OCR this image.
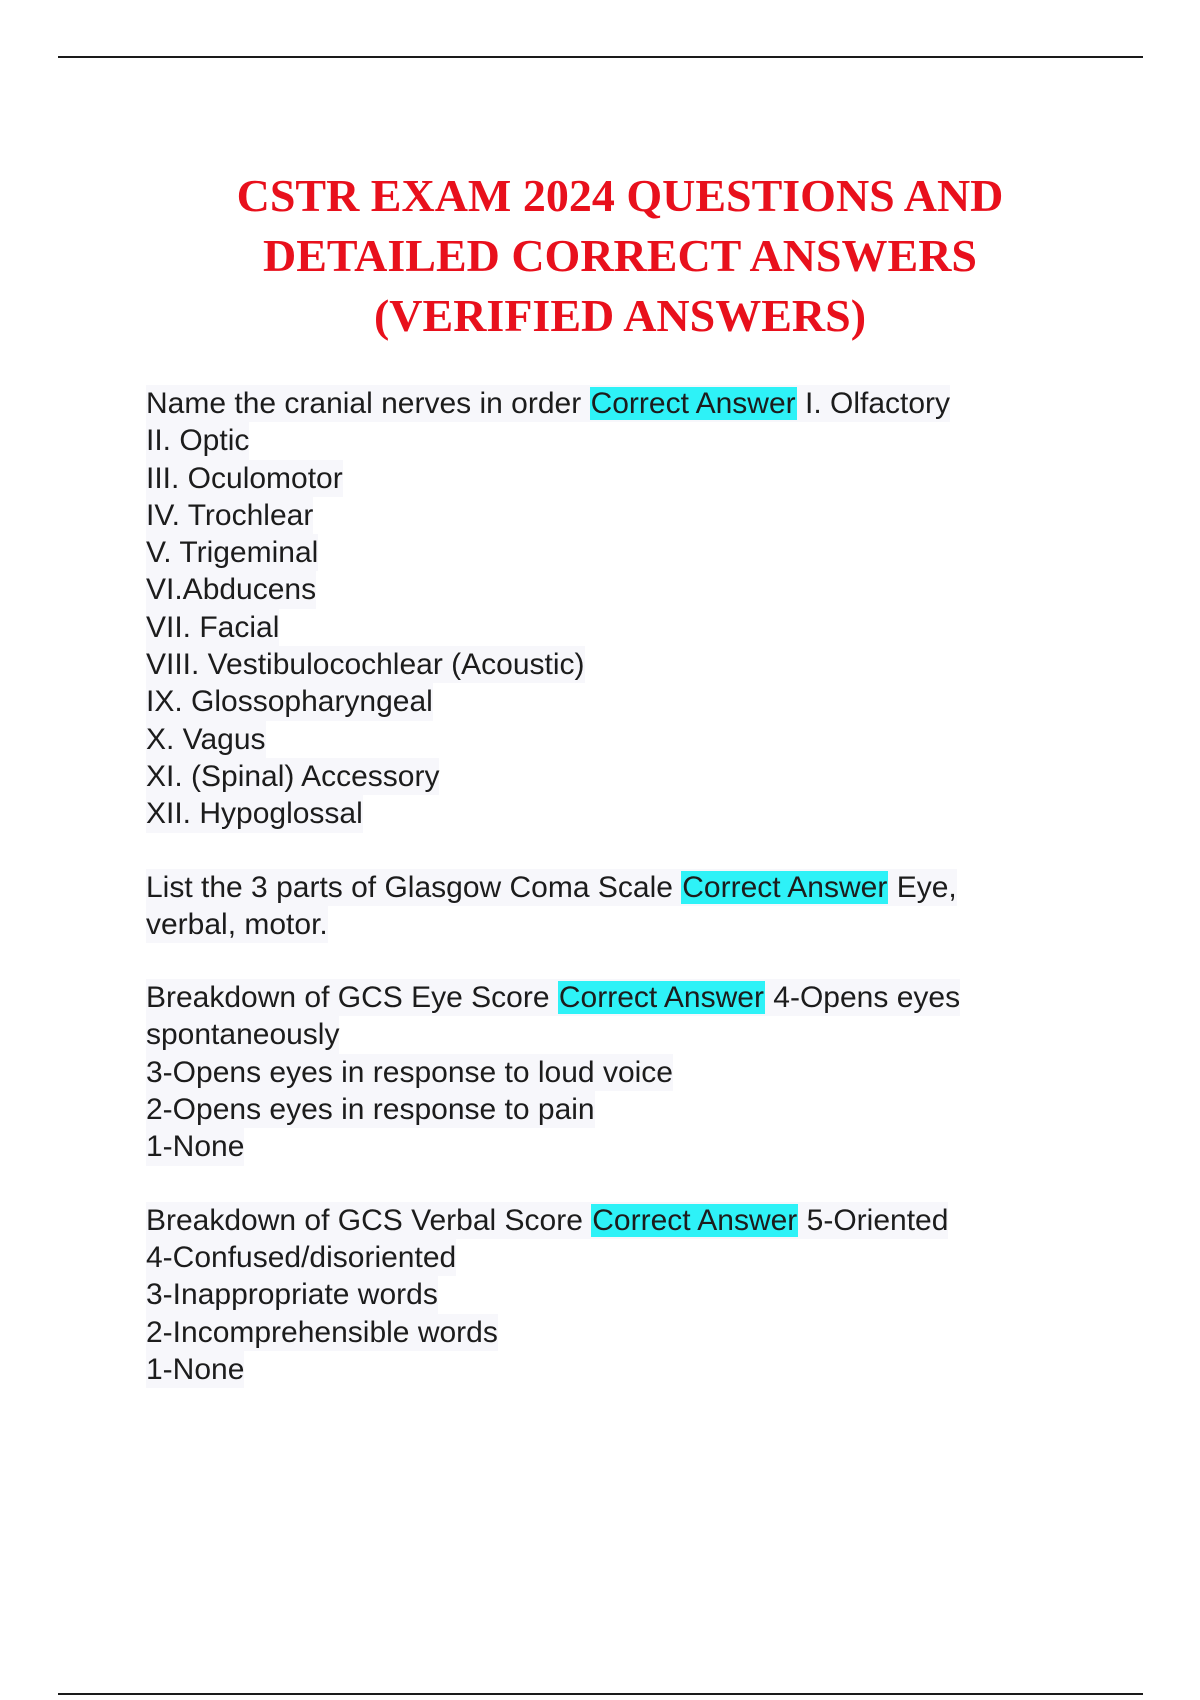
CSTR EXAM 2024 QUESTIONS AND
DETAILED CORRECT ANSWERS
(VERIFIED ANSWERS)
Name the cranial nerves in order Correct Answer I. Olfactory
II. Optic
III. Oculomotor
IV. Trochlear
V. Trigeminal
VI.Abducens
VII. Facial
VIII. Vestibulocochlear (Acoustic)
IX. Glossopharyngeal
X. Vagus
XI. (Spinal) Accessory
XII. Hypoglossal
List the 3 parts of Glasgow Coma Scale Correct Answer Eye,
verbal, motor.
Breakdown of GCS Eye Score Correct Answer 4-Opens eyes
spontaneously
3-Opens eyes in response to loud voice
2-Opens eyes in response to pain
1-None
Breakdown of GCS Verbal Score Correct Answer 5-Oriented
4-Confused/disoriented
3-Inappropriate words
2-Incomprehensible words
1-None
